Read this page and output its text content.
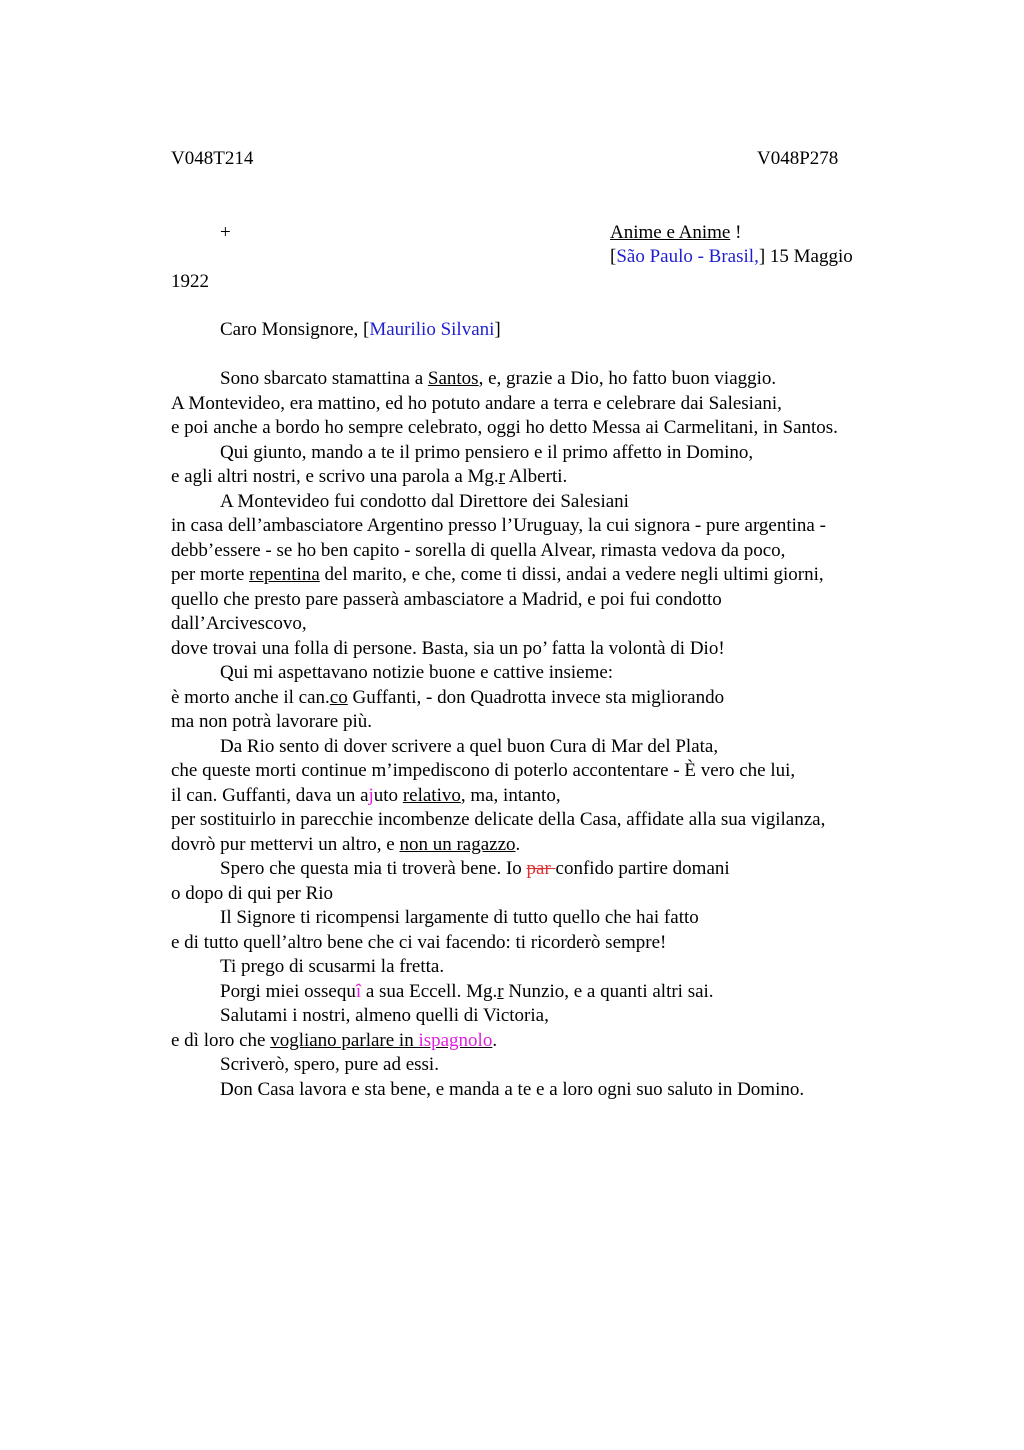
V048T214	V048P278
+	Anime e Anime !
[São Paulo - Brasil,] 15 Maggio
1922
Caro Monsignore, [Maurilio Silvani]
Sono sbarcato stamattina a Santos, e, grazie a Dio, ho fatto buon viaggio.
A Montevideo, era mattino, ed ho potuto andare a terra e celebrare dai Salesiani,
e poi anche a bordo ho sempre celebrato, oggi ho detto Messa ai Carmelitani, in Santos.
Qui giunto, mando a te il primo pensiero e il primo affetto in Domino,
e agli altri nostri, e scrivo una parola a Mg.r Alberti.
A Montevideo fui condotto dal Direttore dei Salesiani
in casa dell’ambasciatore Argentino presso l’Uruguay, la cui signora - pure argentina -
debb’essere - se ho ben capito - sorella di quella Alvear, rimasta vedova da poco,
per morte repentina del marito, e che, come ti dissi, andai a vedere negli ultimi giorni,
quello che presto pare passerà ambasciatore a Madrid, e poi fui condotto
dall’Arcivescovo,
dove trovai una folla di persone. Basta, sia un po’ fatta la volontà di Dio!
Qui mi aspettavano notizie buone e cattive insieme:
è morto anche il can.co Guffanti, - don Quadrotta invece sta migliorando
ma non potrà lavorare più.
Da Rio sento di dover scrivere a quel buon Cura di Mar del Plata,
che queste morti continue m’impediscono di poterlo accontentare - È vero che lui,
il can. Guffanti, dava un ajuto relativo, ma, intanto,
per sostituirlo in parecchie incombenze delicate della Casa, affidate alla sua vigilanza,
dovrò pur mettervi un altro, e non un ragazzo.
Spero che questa mia ti troverà bene. Io par confido partire domani
o dopo di qui per Rio
Il Signore ti ricompensi largamente di tutto quello che hai fatto
e di tutto quell’altro bene che ci vai facendo: ti ricorderò sempre!
Ti prego di scusarmi la fretta.
Porgi miei ossequî a sua Eccell. Mg.r Nunzio, e a quanti altri sai.
Salutami i nostri, almeno quelli di Victoria,
e dì loro che vogliano parlare in ispagnolo.
Scriverò, spero, pure ad essi.
Don Casa lavora e sta bene, e manda a te e a loro ogni suo saluto in Domino.
